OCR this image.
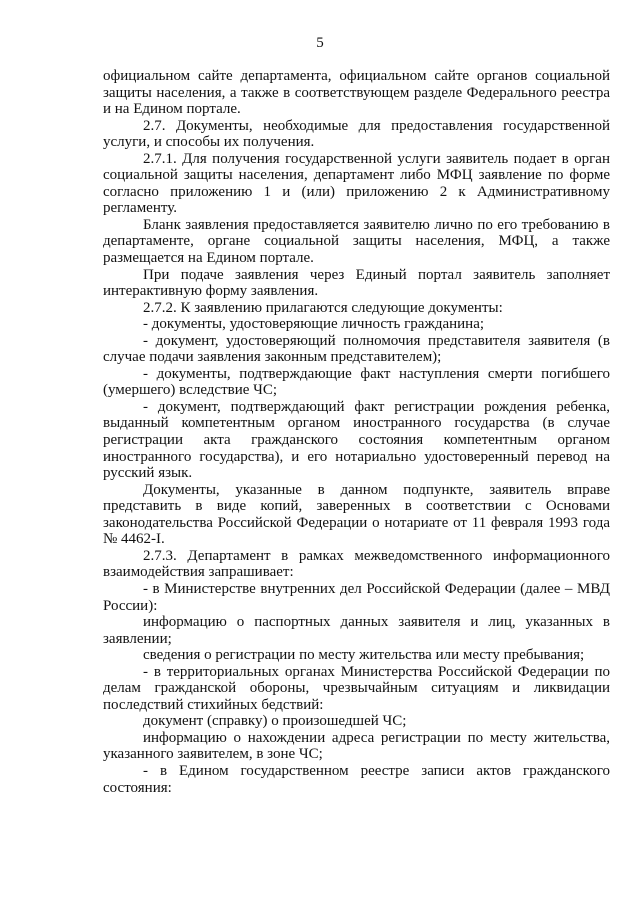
5

официальном сайте департамента, официальном сайте органов социальной защиты населения, а также в соответствующем разделе Федерального реестра и на Едином портале.

2.7. Документы, необходимые для предоставления государственной услуги, и способы их получения.

2.7.1. Для получения государственной услуги заявитель подает в орган социальной защиты населения, департамент либо МФЦ заявление по форме согласно приложению 1 и (или) приложению 2 к Административному регламенту.

Бланк заявления предоставляется заявителю лично по его требованию в департаменте, органе социальной защиты населения, МФЦ, а также размещается на Едином портале.

При подаче заявления через Единый портал заявитель заполняет интерактивную форму заявления.

2.7.2. К заявлению прилагаются следующие документы:

- документы, удостоверяющие личность гражданина;

- документ, удостоверяющий полномочия представителя заявителя (в случае подачи заявления законным представителем);

- документы, подтверждающие факт наступления смерти погибшего (умершего) вследствие ЧС;

- документ, подтверждающий факт регистрации рождения ребенка, выданный компетентным органом иностранного государства (в случае регистрации акта гражданского состояния компетентным органом иностранного государства), и его нотариально удостоверенный перевод на русский язык.

Документы, указанные в данном подпункте, заявитель вправе представить в виде копий, заверенных в соответствии с Основами законодательства Российской Федерации о нотариате от 11 февраля 1993 года № 4462-I.

2.7.3. Департамент в рамках межведомственного информационного взаимодействия запрашивает:

- в Министерстве внутренних дел Российской Федерации (далее – МВД России):

информацию о паспортных данных заявителя и лиц, указанных в заявлении;

сведения о регистрации по месту жительства или месту пребывания;

- в территориальных органах Министерства Российской Федерации по делам гражданской обороны, чрезвычайным ситуациям и ликвидации последствий стихийных бедствий:

документ (справку) о произошедшей ЧС;

информацию о нахождении адреса регистрации по месту жительства, указанного заявителем, в зоне ЧС;

- в Едином государственном реестре записи актов гражданского состояния:
